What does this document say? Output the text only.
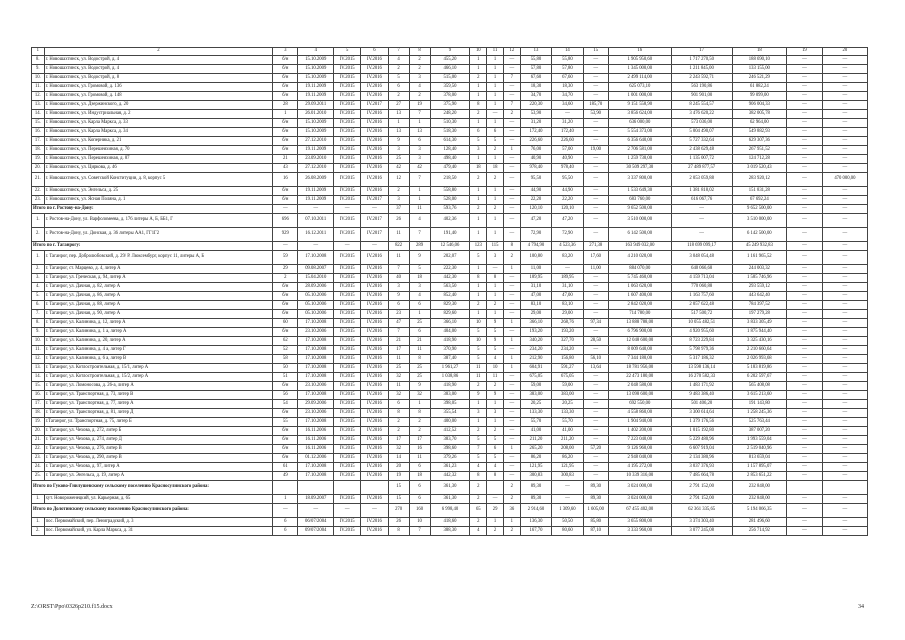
1	2	3	4	5	6	7	8	9	10	11	12	13	14	15	16	17	18	19	20
8.	г. Новошахтинск, ул. Водострой, д. 4	б/н	15.10.2009	IV.2015	IV.2016	4	2	455,20	1	1	—	55,80	55,80	—	1 905 950,60	1 717 270,50	188 690,10	—	—
9.	г. Новошахтинск, ул. Водострой, д. 4	б/н	15.10.2009	IV.2015	IV.2016	2	2	466,10	1	1	—	57,80	57,80	—	1 345 000,00	1 211 845,00	133 155,00	—	—
10.	г. Новошахтинск, ул. Водострой, д. 8	б/н	15.10.2009	IV.2015	IV.2016	5	3	515,00	2	1	7	67,60	67,60	—	2 499 114,00	2 243 592,71	246 521,29	—	—
11.	г. Новошахтинск, ул. Громовой, д. 136	б/н	19.11.2009	IV.2015	IV.2016	6	4	359,50	1	1	—	18,30	18,30	—	625 073,10	563 190,86	61 882,24	—	—
12.	г. Новошахтинск, ул. Громовой, д. 148	б/н	19.11.2009	IV.2015	IV.2016	2	2	378,00	1	1	—	34,70	34,70	—	1 001 000,00	901 901,00	99 099,00	—	—
13.	г. Новошахтинск, ул. Дзержинского, д. 20	28	29.09.2011	IV.2015	IV.2017	27	19	375,90	8	1	7	220,30	34,60	185,70	9 151 558,90	8 245 554,57	906 004,33	—	—
14.	г. Новошахтинск, ул. Индустриальная, д. 2	1	26.01.2010	IV.2015	IV.2016	13	7	248,20	2	—	2	53,90	—	53,90	3 856 624,00	3 476 620,22	382 005,78	—	—
15.	г. Новошахтинск, ул. Карла Маркса, д. 33	б/н	15.10.2009	IV.2015	IV.2016	1	1	510,30	1	1	—	31,20	31,20	—	636 000,00	573 036,00	62 964,00	—	—
16.	г. Новошахтинск, ул. Карла Маркса, д. 34	б/н	15.10.2009	IV.2015	IV.2016	13	13	518,30	6	6	—	172,40	172,40	—	5 554 373,00	5 004 490,07	549 882,93	—	—
17.	г. Новошахтинск, ул. Коперника, д. 21	б/н	27.12.2010	IV.2015	IV.2016	9	6	614,30	5	5	—	226,60	226,60	—	6 356 640,00	5 727 332,64	629 307,36	—	—
18.	г. Новошахтинск, ул. Перешеихиная, д. 70	б/н	19.11.2009	IV.2015	IV.2016	3	3	128,40	3	2	1	76,00	57,00	19,00	2 706 581,00	2 438 629,48	267 951,52	—	—
19.	г. Новошахтинск, ул. Перешеихиная, д. 87	21	23.09.2010	IV.2015	IV.2016	25	3	498,40	1	1	—	40,90	40,90	—	1 259 730,00	1 135 007,72	124 712,28	—	—
20.	г. Новошахтинск, ул. Циркова, д. 46	43	27.12.2010	IV.2015	IV.2016	42	42	479,40	18	18	—	978,40	978,40	—	30 509 297,30	27 489 877,57	3 019 520,43	—	—
21.	г. Новошахтинск, ул. Советской Конституции, д. 8, корпус 5	16	26.08.2009	IV.2015	IV.2016	12	7	218,50	2	2	—	95,50	95,50	—	3 337 800,00	2 053 059,88	283 920,12	—	470 000,00
22.	г. Новошахтинск, ул. Энгельса, д. 25	б/н	19.11.2009	IV.2015	IV.2016	2	1	558,80	1	1	—	44,90	44,90	—	1 533 649,30	1 381 818,02	151 831,28	—	—
23.	г. Новошахтинск, ул. Ясная Поляна, д. 1	б/н	19.11.2009	IV.2015	IV.2017	3	1	528,00	1	1	—	22,20	22,20	—	683 760,00	616 067,76	67 692,24	—	—
Итого по г. Ростову-на-Дону:		—	—	—	—	37	11	593,76	2	2	—	120,10	120,10	—	9 652 500,00	—	9 652 500,00	—	—
1.	г. Ростов-на-Дону, ул. Варфоломеева, д. 176 литеры А, Б, ББ1, Г	696	07.10.2011	IV.2015	IV.2017	26	4	402,36	1	1	—	47,20	47,20	—	3 510 000,00	—	3 510 000,00	—	—
2.	г. Ростов-на-Дону, ул. Донская, д. 36 литеры АА1, ГГ1Г2	929	16.12.2011	IV.2015	IV.2017	11	7	191,40	1	1	—	72,90	72,90	—	6 142 500,00	—	6 142 500,00	—	—
Итого по г. Таганрогу:		—	—	—	—	822	289	12 546,06	123	115	8	4 794,90	4 523,36	271,38	163 949 032,00	118 699 099,17	45 249 932,83	—	—
1.	г. Таганрог, пер. Добролюбовский, д. 29/ Р. Люксембург, корпус 11, литеры А, Б	59	17.10.2008	IV.2015	IV.2016	11	9	202,07	5	3	2	100,80	83,20	17,60	4 210 020,00	3 048 054,48	1 161 965,52	—	—
2.	г. Таганрог, ст. Марцево, д. 4, литер А	29	09.08.2007	IV.2015	IV.2016	7	5	222,30	1	—	1	11,00	—	11,00	884 070,00	640 066,68	244 003,32	—	—
3.	г. Таганрог, ул. Греческая, д. 94, литер А	2	15.04.2010	IV.2015	IV.2016	40	18	442,30	8	8	—	189,95	189,95	—	5 745 460,00	4 159 713,04	1 585 746,96	—	—
4.	г. Таганрог, ул. Дачная, д. 82, литер А	б/н	28.09.2006	IV.2015	IV.2016	3	3	563,50	1	1	—	31,10	31,10	—	1 063 620,00	770 060,88	293 559,12	—	—
5.	г. Таганрог, ул. Дачная, д. 86, литер А	б/н	05.10.2006	IV.2015	IV.2016	9	4	852,40	1	1	—	47,00	47,00	—	1 607 400,00	1 163 757,60	443 642,40	—	—
6.	г. Таганрог, ул. Дачная, д. 88, литер А	б/н	05.10.2006	IV.2015	IV.2016	6	6	829,30	2	2	—	83,10	83,10	—	2 842 020,00	2 057 622,48	784 397,52	—	—
7.	г. Таганрог, ул. Дачная, д. 90, литер А	б/н	05.10.2006	IV.2015	IV.2016	23	1	829,60	1	1	—	29,00	29,00	—	714 780,00	517 500,72	197 279,28	—	—
8.	г. Таганрог, ул. Калинина, д. 12, литер А	60	17.10.2008	IV.2015	IV.2016	47	25	366,10	10	9	1	366,10	268,76	97,34	13 888 788,00	10 055 482,51	3 833 305,49	—	—
9.	г. Таганрог, ул. Калинина, д. 1 а, литер А	б/н	23.10.2006	IV.2015	IV.2016	7	6	404,00	5	5	—	193,20	193,20	—	6 796 900,00	4 920 955,60	1 875 944,40	—	—
10.	г. Таганрог, ул. Калинина, д. 20, литер А	62	17.10.2008	IV.2015	IV.2016	21	21	418,90	10	9	1	340,20	327,70	28,50	12 048 600,00	8 723 229,84	3 325 430,16	—	—
11.	г. Таганрог, ул. Калинина, д. 4 а, литер Г	52	17.10.2008	IV.2015	IV.2016	17	11	370,90	5	5	—	234,20	234,20	—	8 009 640,00	5 798 979,36	2 210 660,64	—	—
12.	г. Таганрог, ул. Калинина, д. 6 а, литер В	58	17.10.2008	IV.2015	IV.2016	11	8	387,40	5	4	1	212,90	156,80	56,10	7 344 180,00	5 317 186,32	2 026 993,68	—	—
13.	г. Таганрог, ул. Котлостроительная, д. 15/1, литер А	50	17.10.2008	IV.2015	IV.2016	25	25	1 961,27	11	10	1	604,91	591,27	13,64	18 781 956,00	13 598 136,14	5 183 819,86	—	—
14.	г. Таганрог, ул. Котлостроительная, д. 15/2, литер А	51	17.10.2008	IV.2015	IV.2016	32	25	1 038,86	11	11	—	675,05	675,05	—	22 473 180,00	16 270 582,33	6 202 597,67	—	—
15.	г. Таганрог, ул. Ломоносова, д. 26-а, литер А	б/н	23.10.2006	IV.2015	IV.2016	11	9	418,90	2	2	—	59,00	59,00	—	2 048 580,00	1 483 171,92	565 408,08	—	—
16.	г. Таганрог, ул. Транспортная, д. 73, литер В	56	17.10.2008	IV.2015	IV.2016	32	32	383,00	9	9	—	383,00	383,00	—	13 098 600,00	9 483 386,40	3 615 213,60	—	—
17.	г. Таганрог, ул. Транспортная, д. 77, литер А	54	29.09.2006	IV.2015	IV.2016	6	1	398,05	1	1	—	20,25	20,25	—	692 550,00	501 406,20	191 143,80	—	—
18.	г. Таганрог, ул. Транспортная, д. 81, литер Д	б/н	23.10.2006	IV.2015	IV.2016	8	8	355,54	3	3	—	133,30	133,30	—	4 558 860,00	3 300 614,64	1 258 245,36	—	—
19.	г.Таганрог, ул. Транспортная, д. 75, литер Б	55	17.10.2008	IV.2015	IV.2016	2	2	400,00	1	1	—	55,70	55,70	—	1 904 940,00	1 379 176,56	525 763,44	—	—
20.	г. Таганрог, ул. Чехова, д. 272, литер Б	б/н	16.11.2006	IV.2015	IV.2016	2	2	412,52	2	2	—	41,00	41,00	—	1 402 200,00	1 015 192,80	387 007,20	—	—
21.	г. Таганрог, ул. Чехова, д. 274, литер Д	б/н	16.11.2006	IV.2015	IV.2016	17	17	383,70	5	5	—	211,20	211,20	—	7 223 040,00	5 229 480,96	1 993 559,04	—	—
22.	г. Таганрог, ул. Чехова, д. 276, литер В	б/н	16.11.2006	IV.2015	IV.2016	32	16	398,60	7	6	1	265,20	208,00	57,20	9 126 960,00	6 607 919,04	2 519 040,96	—	—
23.	г. Таганрог, ул. Чехова, д. 290, литер В	б/н	01.12.2006	IV.2015	IV.2016	14	11	379,26	5	5	—	86,20	86,20	—	2 948 040,00	2 134 380,96	813 659,04	—	—
24.	г. Таганрог, ул. Чехова, д. 97, литер А	61	17.10.2008	IV.2015	IV.2016	20	6	361,23	4	4	—	121,95	121,95	—	4 195 272,00	3 037 376,93	1 157 895,07	—	—
25.	г. Таганрог, ул. Энгельса, д. 19, литер А	49	17.10.2008	IV.2015	IV.2016	19	18	442,32	8	8	—	300,83	300,83	—	10 339 316,00	7 485 664,78	2 853 651,22	—	—
Итого по Гуково-Гнилушевскому сельскому поселению Красносулинского района:						15	6	361,30	2		2	89,30	—	89,30	3 024 000,00	2 791 152,00	232 848,00		
1.	хут. Новороженецкий, ул. Карьерная, д. 65	1	18.09.2007	IV.2015	IV.2016	15	6	361,30	2	—	2	89,30	—	89,30	3 024 000,00	2 791 152,00	232 848,00	—	—
Итого по Долотинскому сельскому поселению Красносулинского района:		—	—	—	—	270	160	6 998,40	65	29	36	2 914,60	1 309,60	1 605,00	67 455 402,00	62 361 335,65	5 194 066,35	—	—
1.	пос. Первомайский, пер. Лениградский, д. 3	6	06/07/2004	IV.2015	IV.2016	26	10	418,60	2	1	1	136,30	50,50	85,80	3 655 800,00	3 374 303,40	281 496,60	—	—
2.	пос. Первомайский, ул. Карла Маркса, д. 31	6	09/07/2004	IV.2015	IV.2016	8	7	388,30	4	2	2	167,70	80,60	87,10	3 333 960,00	3 077 245,08	256 714,92	—	—
Z:\ORST\Ppo\0326p210.f15.docx	34
